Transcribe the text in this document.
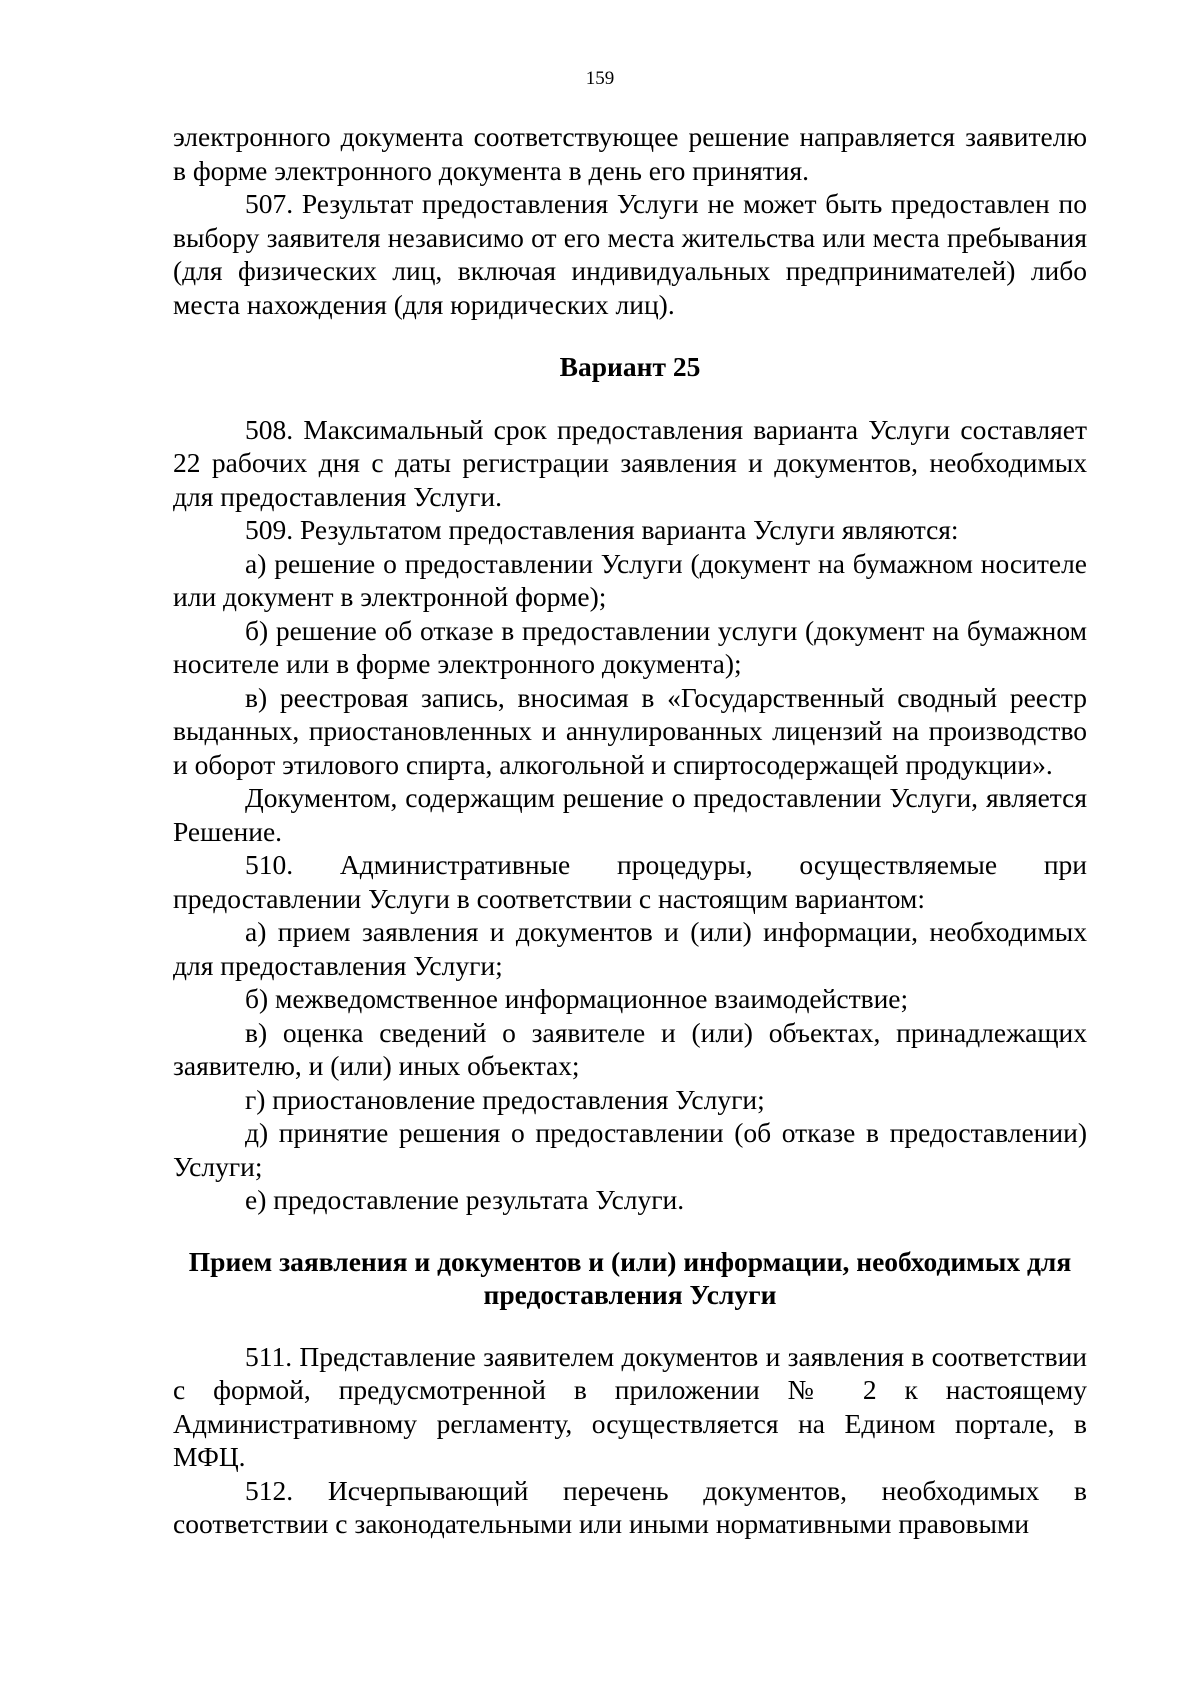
159

электронного документа соответствующее решение направляется заявителю в форме электронного документа в день его принятия.

507. Результат предоставления Услуги не может быть предоставлен по выбору заявителя независимо от его места жительства или места пребывания (для физических лиц, включая индивидуальных предпринимателей) либо места нахождения (для юридических лиц).

Вариант 25

508. Максимальный срок предоставления варианта Услуги составляет 22 рабочих дня с даты регистрации заявления и документов, необходимых для предоставления Услуги.

509. Результатом предоставления варианта Услуги являются:

а) решение о предоставлении Услуги (документ на бумажном носителе или документ в электронной форме);

б) решение об отказе в предоставлении услуги (документ на бумажном носителе или в форме электронного документа);

в) реестровая запись, вносимая в «Государственный сводный реестр выданных, приостановленных и аннулированных лицензий на производство и оборот этилового спирта, алкогольной и спиртосодержащей продукции».

Документом, содержащим решение о предоставлении Услуги, является Решение.

510. Административные процедуры, осуществляемые при предоставлении Услуги в соответствии с настоящим вариантом:

а) прием заявления и документов и (или) информации, необходимых для предоставления Услуги;

б) межведомственное информационное взаимодействие;

в) оценка сведений о заявителе и (или) объектах, принадлежащих заявителю, и (или) иных объектах;

г) приостановление предоставления Услуги;

д) принятие решения о предоставлении (об отказе в предоставлении) Услуги;

е) предоставление результата Услуги.

Прием заявления и документов и (или) информации, необходимых для предоставления Услуги

511. Представление заявителем документов и заявления в соответствии с формой, предусмотренной в приложении № 2 к настоящему Административному регламенту, осуществляется на Едином портале, в МФЦ.

512. Исчерпывающий перечень документов, необходимых в соответствии с законодательными или иными нормативными правовыми
